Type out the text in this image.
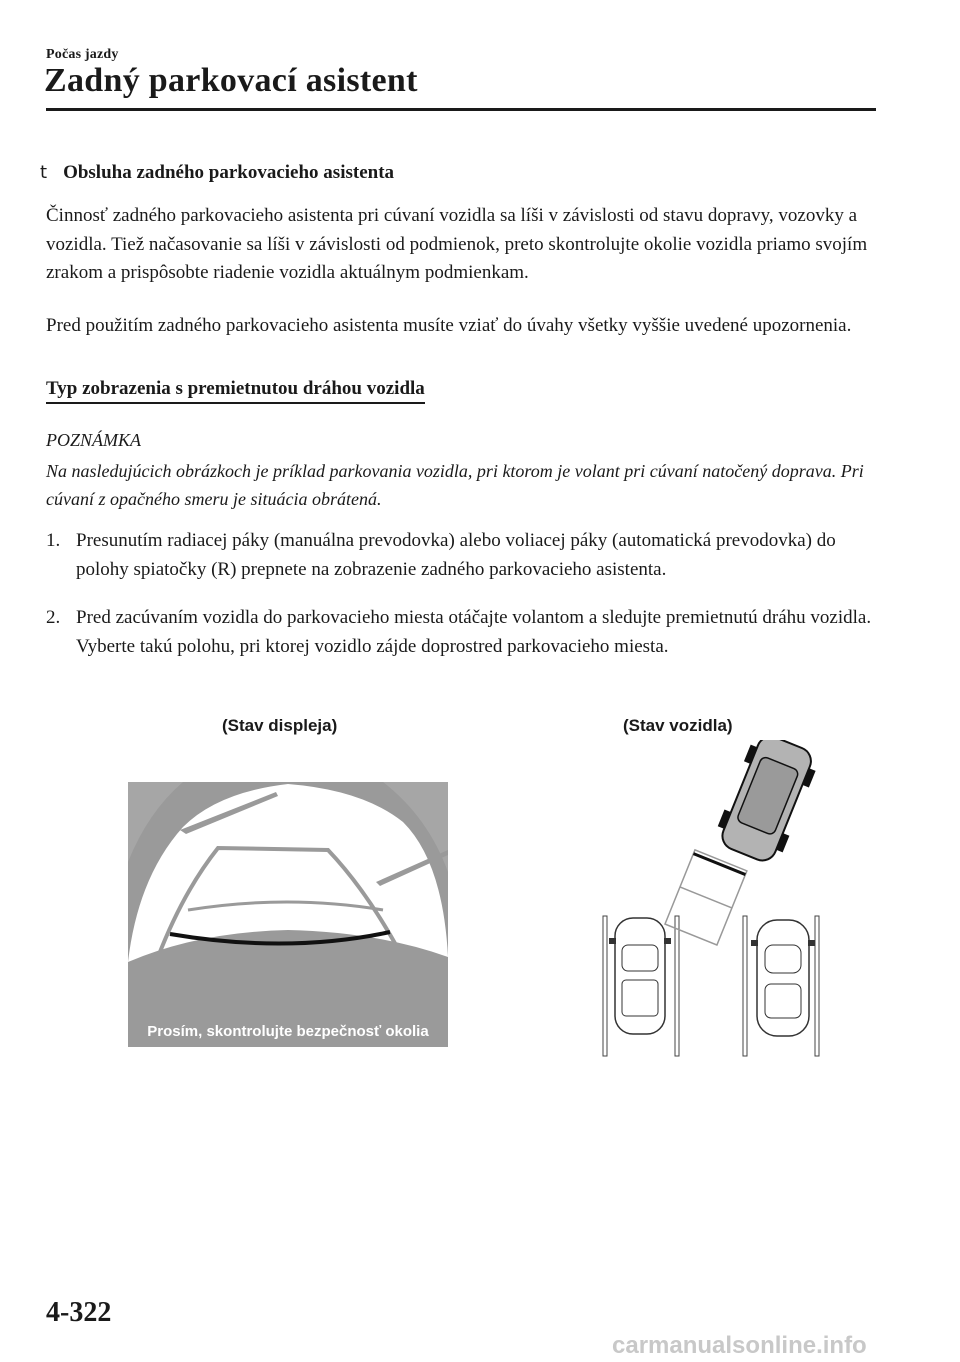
Počas jazdy
Zadný parkovací asistent
t Obsluha zadného parkovacieho asistenta
Činnosť zadného parkovacieho asistenta pri cúvaní vozidla sa líši v závislosti od stavu dopravy, vozovky a vozidla. Tiež načasovanie sa líši v závislosti od podmienok, preto skontrolujte okolie vozidla priamo svojím zrakom a prispôsobte riadenie vozidla aktuálnym podmienkam.
Pred použitím zadného parkovacieho asistenta musíte vziať do úvahy všetky vyššie uvedené upozornenia.
Typ zobrazenia s premietnutou dráhou vozidla
POZNÁMKA
Na nasledujúcich obrázkoch je príklad parkovania vozidla, pri ktorom je volant pri cúvaní natočený doprava. Pri cúvaní z opačného smeru je situácia obrátená.
1. Presunutím radiacej páky (manuálna prevodovka) alebo voliacej páky (automatická prevodovka) do polohy spiatočky (R) prepnete na zobrazenie zadného parkovacieho asistenta.
2. Pred zacúvaním vozidla do parkovacieho miesta otáčajte volantom a sledujte premietnutú dráhu vozidla. Vyberte takú polohu, pri ktorej vozidlo zájde doprostred parkovacieho miesta.
(Stav displeja)	(Stav vozidla)
Prosím, skontrolujte bezpečnosť okolia
4-322
carmanualsonline.info
